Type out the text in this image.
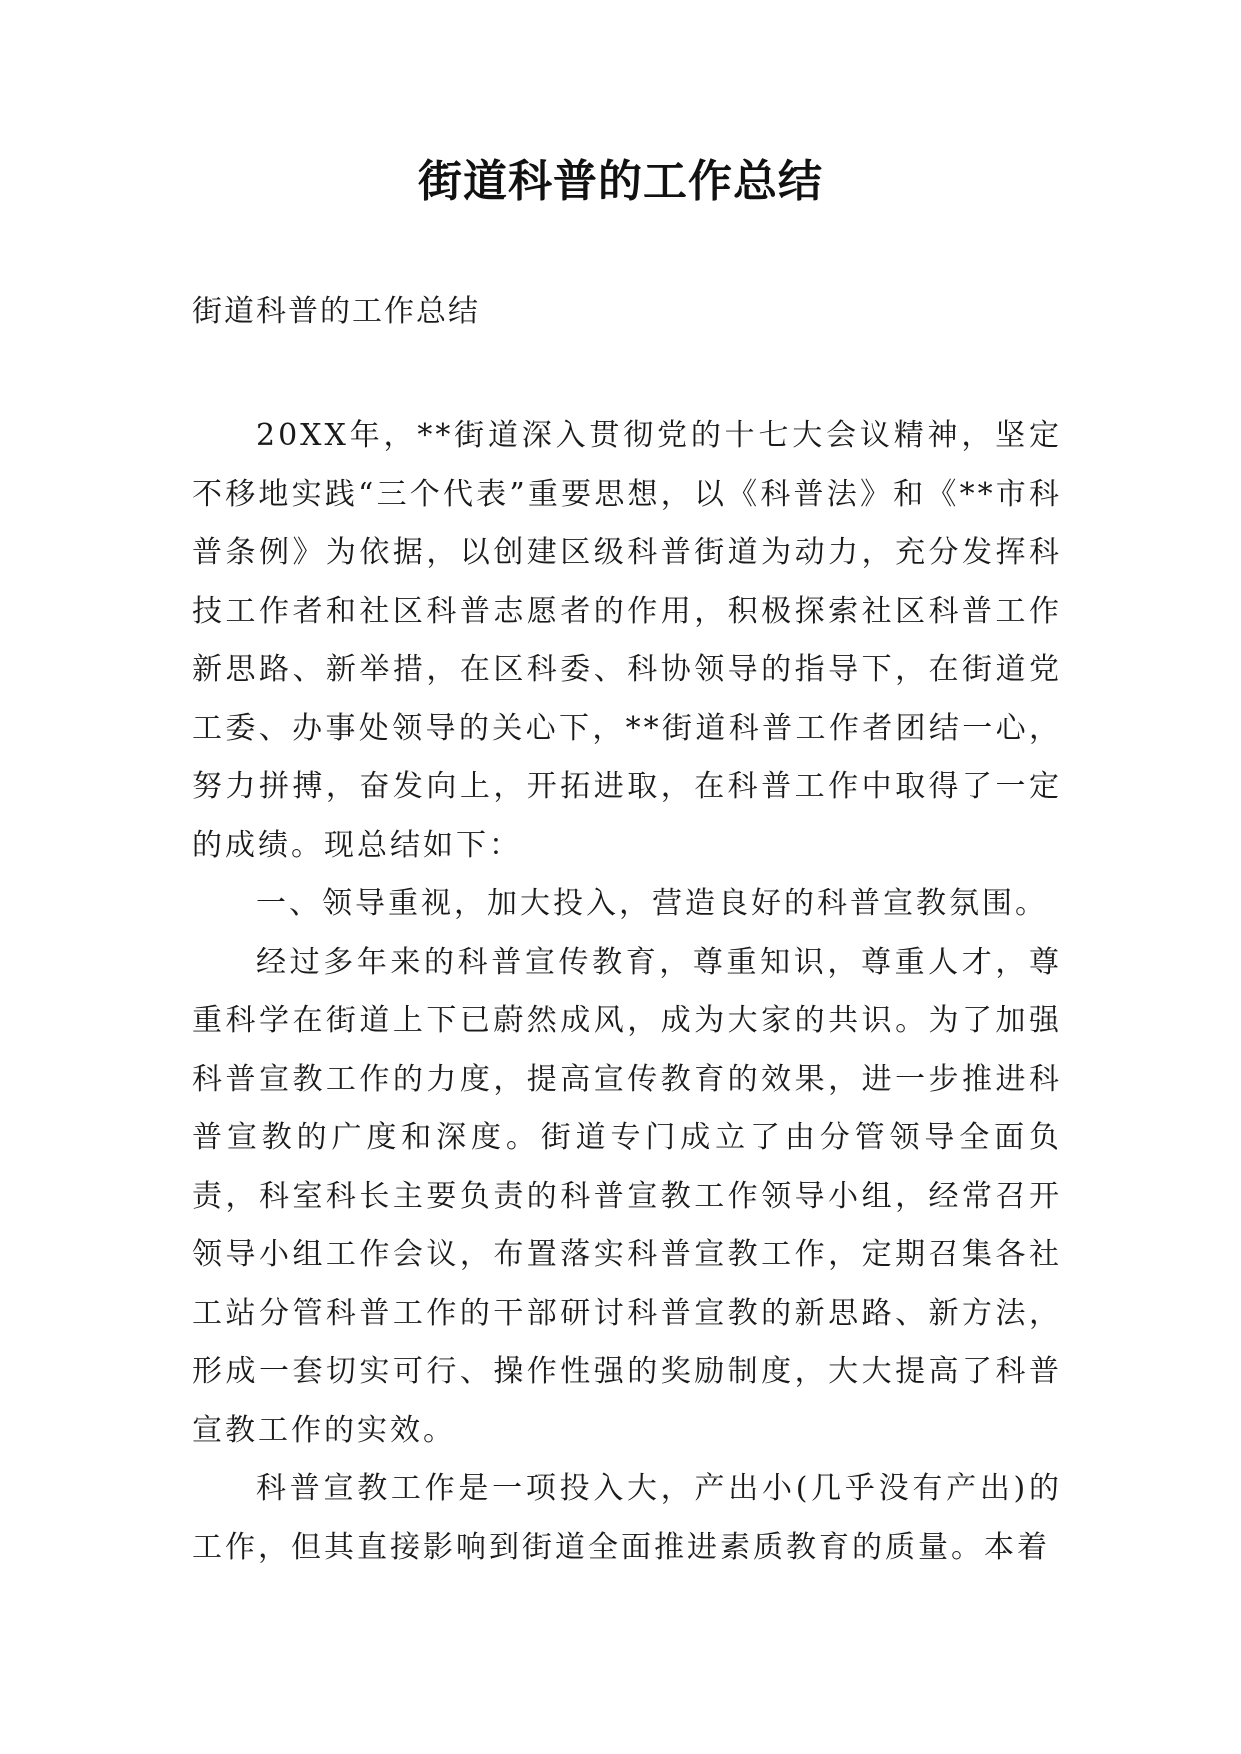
街道科普的工作总结

街道科普的工作总结

20XX年，**街道深入贯彻党的十七大会议精神，坚定不移地实践“三个代表”重要思想，以《科普法》和《**市科普条例》为依据，以创建区级科普街道为动力，充分发挥科技工作者和社区科普志愿者的作用，积极探索社区科普工作新思路、新举措，在区科委、科协领导的指导下，在街道党工委、办事处领导的关心下，**街道科普工作者团结一心，努力拼搏，奋发向上，开拓进取，在科普工作中取得了一定的成绩。现总结如下：

一、领导重视，加大投入，营造良好的科普宣教氛围。

经过多年来的科普宣传教育，尊重知识，尊重人才，尊重科学在街道上下已蔚然成风，成为大家的共识。为了加强科普宣教工作的力度，提高宣传教育的效果，进一步推进科普宣教的广度和深度。街道专门成立了由分管领导全面负责，科室科长主要负责的科普宣教工作领导小组，经常召开领导小组工作会议，布置落实科普宣教工作，定期召集各社工站分管科普工作的干部研讨科普宣教的新思路、新方法，形成一套切实可行、操作性强的奖励制度，大大提高了科普宣教工作的实效。

科普宣教工作是一项投入大，产出小(几乎没有产出)的工作，但其直接影响到街道全面推进素质教育的质量。本着
